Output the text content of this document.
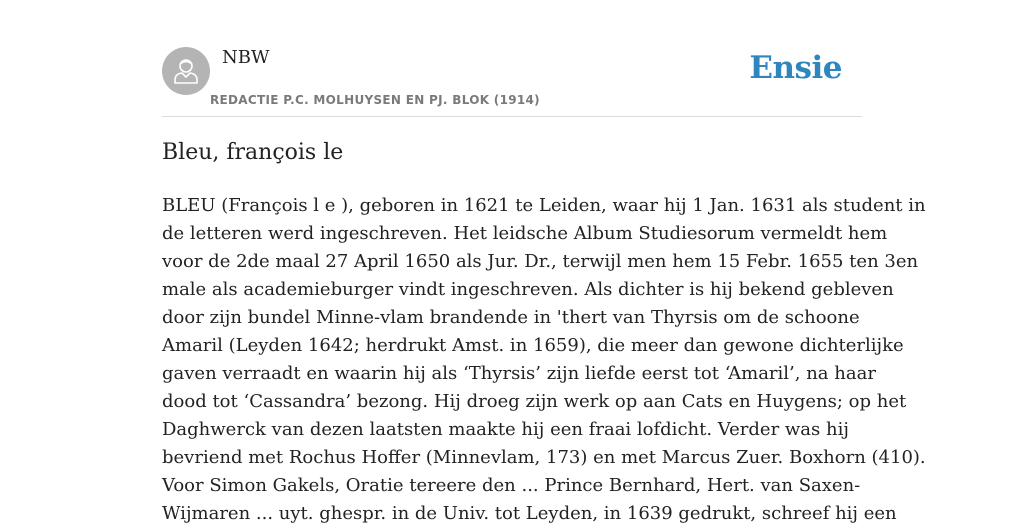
NBW
REDACTIE P.C. MOLHUYSEN EN PJ. BLOK (1914)
Ensie
Bleu, françois le
BLEU (François l e ), geboren in 1621 te Leiden, waar hij 1 Jan. 1631 als student in
de letteren werd ingeschreven. Het leidsche Album Studiesorum vermeldt hem
voor de 2de maal 27 April 1650 als Jur. Dr., terwijl men hem 15 Febr. 1655 ten 3en
male als academieburger vindt ingeschreven. Als dichter is hij bekend gebleven
door zijn bundel Minne-vlam brandende in 'thert van Thyrsis om de schoone
Amaril (Leyden 1642; herdrukt Amst. in 1659), die meer dan gewone dichterlijke
gaven verraadt en waarin hij als ‘Thyrsis’ zijn liefde eerst tot ‘Amaril’, na haar
dood tot ‘Cassandra’ bezong. Hij droeg zijn werk op aan Cats en Huygens; op het
Daghwerck van dezen laatsten maakte hij een fraai lofdicht. Verder was hij
bevriend met Rochus Hoffer (Minnevlam, 173) en met Marcus Zuer. Boxhorn (410).
Voor Simon Gakels, Oratie tereere den ... Prince Bernhard, Hert. van Saxen-
Wijmaren ... uyt. ghespr. in de Univ. tot Leyden, in 1639 gedrukt, schreef hij een
